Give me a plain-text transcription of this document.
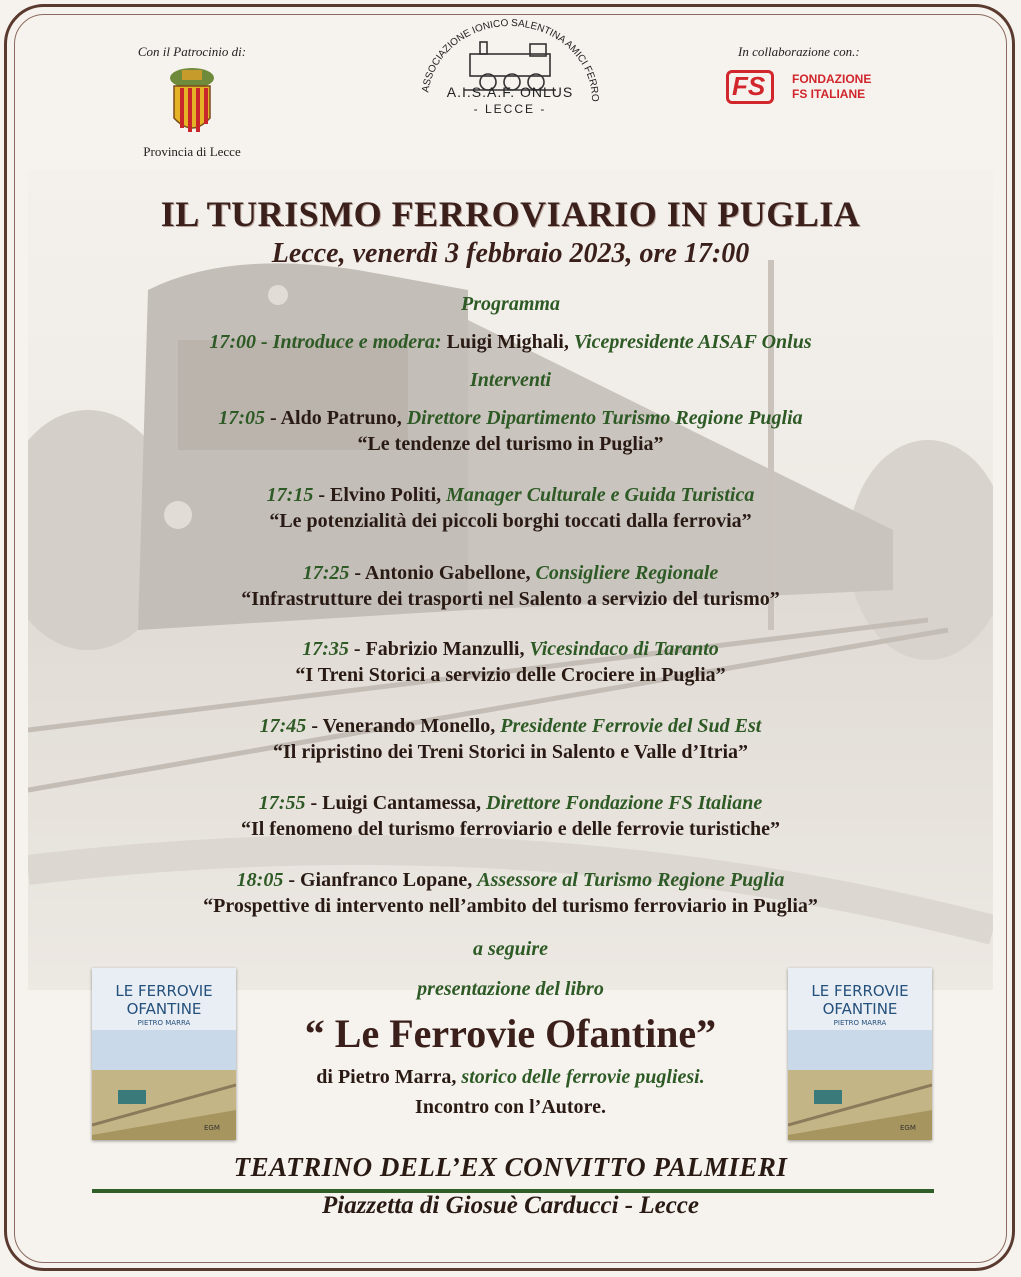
Con il Patrocinio di:
Provincia di Lecce
ASSOCIAZIONE IONICO SALENTINA AMICI FERRO
A.I.S.A.F. ONLUS
- LECCE -
In collaborazione con.:
FS FONDAZIONE
FS ITALIANE
IL TURISMO FERROVIARIO IN PUGLIA
Lecce, venerdì 3 febbraio 2023, ore 17:00
Programma
17:00 - Introduce e modera: Luigi Mighali, Vicepresidente AISAF Onlus
Interventi
17:05 - Aldo Patruno, Direttore Dipartimento Turismo Regione Puglia
“Le tendenze del turismo in Puglia”
17:15 - Elvino Politi, Manager Culturale e Guida Turistica
“Le potenzialità dei piccoli borghi toccati dalla ferrovia”
17:25 - Antonio Gabellone, Consigliere Regionale
“Infrastrutture dei trasporti nel Salento a servizio del turismo”
17:35 - Fabrizio Manzulli, Vicesindaco di Taranto
“I Treni Storici a servizio delle Crociere in Puglia”
17:45 - Venerando Monello, Presidente Ferrovie del Sud Est
“Il ripristino dei Treni Storici in Salento e Valle d’Itria”
17:55 - Luigi Cantamessa, Direttore Fondazione FS Italiane
“Il fenomeno del turismo ferroviario e delle ferrovie turistiche”
18:05 - Gianfranco Lopane, Assessore al Turismo Regione Puglia
“Prospettive di intervento nell’ambito del turismo ferroviario in Puglia”
a seguire
presentazione del libro
“ Le Ferrovie Ofantine”
di Pietro Marra, storico delle ferrovie pugliesi.
Incontro con l’Autore.
LE FERROVIE
OFANTINE
PIETRO MARRA
EGM
LE FERROVIE
OFANTINE
PIETRO MARRA
EGM
TEATRINO DELL’EX CONVITTO PALMIERI
Piazzetta di Giosuè Carducci - Lecce
